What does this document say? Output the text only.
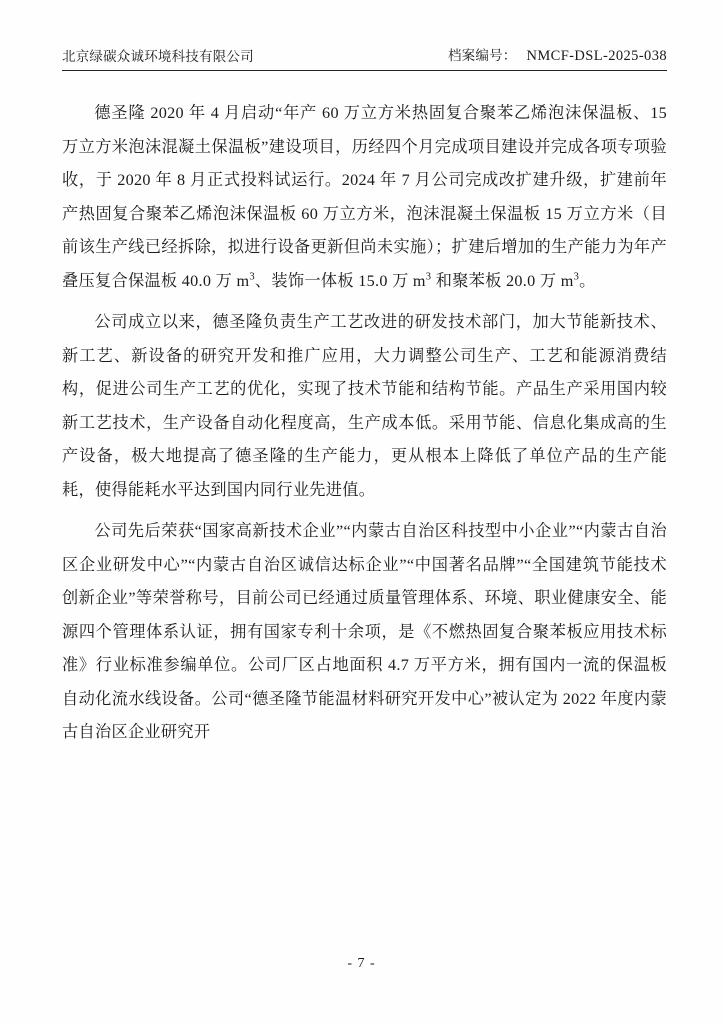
北京绿碳众诚环境科技有限公司	档案编号： NMCF-DSL-2025-038

德圣隆 2020 年 4 月启动“年产 60 万立方米热固复合聚苯乙烯泡沫保温板、15 万立方米泡沫混凝土保温板”建设项目，历经四个月完成项目建设并完成各项专项验收，于 2020 年 8 月正式投料试运行。2024 年 7 月公司完成改扩建升级，扩建前年产热固复合聚苯乙烯泡沫保温板 60 万立方米，泡沫混凝土保温板 15 万立方米（目前该生产线已经拆除，拟进行设备更新但尚未实施）；扩建后增加的生产能力为年产叠压复合保温板 40.0 万 $m^3$、装饰一体板 15.0 万 $m^3$ 和聚苯板 20.0 万 $m^3$。

公司成立以来，德圣隆负责生产工艺改进的研发技术部门，加大节能新技术、新工艺、新设备的研究开发和推广应用，大力调整公司生产、工艺和能源消费结构，促进公司生产工艺的优化，实现了技术节能和结构节能。产品生产采用国内较新工艺技术，生产设备自动化程度高，生产成本低。采用节能、信息化集成高的生产设备，极大地提高了德圣隆的生产能力，更从根本上降低了单位产品的生产能耗，使得能耗水平达到国内同行业先进值。

公司先后荣获“国家高新技术企业”“内蒙古自治区科技型中小企业”“内蒙古自治区企业研发中心”“内蒙古自治区诚信达标企业”“中国著名品牌”“全国建筑节能技术创新企业”等荣誉称号，目前公司已经通过质量管理体系、环境、职业健康安全、能源四个管理体系认证，拥有国家专利十余项，是《不燃热固复合聚苯板应用技术标准》行业标准参编单位。公司厂区占地面积 4.7 万平方米，拥有国内一流的保温板自动化流水线设备。公司“德圣隆节能温材料研究开发中心”被认定为 2022 年度内蒙古自治区企业研究开

- 7 -
